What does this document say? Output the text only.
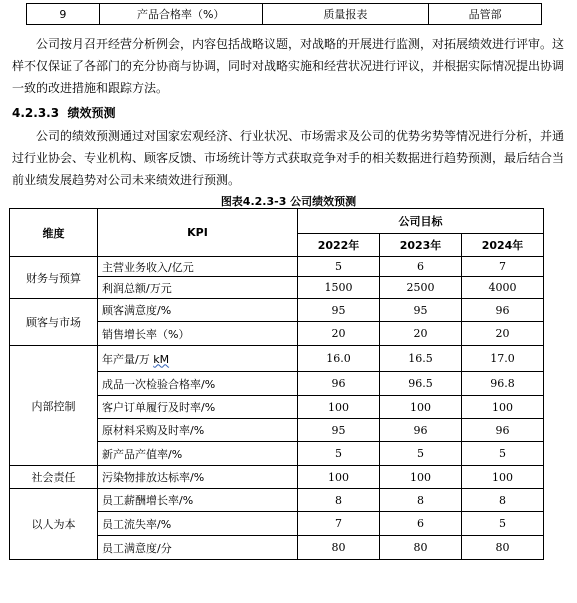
9	产品合格率（%）	质量报表	品管部

公司按月召开经营分析例会，内容包括战略议题，对战略的开展进行监测，对拓展绩效进行评审。这样不仅保证了各部门的充分协商与协调，同时对战略实施和经营状况进行评议，并根据实际情况提出协调一致的改进措施和跟踪方法。

4.2.3.3 绩效预测

公司的绩效预测通过对国家宏观经济、行业状况、市场需求及公司的优势劣势等情况进行分析，并通过行业协会、专业机构、顾客反馈、市场统计等方式获取竞争对手的相关数据进行趋势预测，最后结合当前业绩发展趋势对公司未来绩效进行预测。

图表4.2.3-3 公司绩效预测
维度	KPI	公司目标		
		2022年	2023年	2024年
财务与预算	主营业务收入/亿元	5	6	7
	利润总额/万元	1500	2500	4000
顾客与市场	顾客满意度/%	95	95	96
	销售增长率（%）	20	20	20
内部控制	年产量/万 kM	16.0	16.5	17.0
	成品一次检验合格率/%	96	96.5	96.8
	客户订单履行及时率/%	100	100	100
	原材料采购及时率/%	95	96	96
	新产品产值率/%	5	5	5
社会责任	污染物排放达标率/%	100	100	100
以人为本	员工薪酬增长率/%	8	8	8
	员工流失率/%	7	6	5
	员工满意度/分	80	80	80
